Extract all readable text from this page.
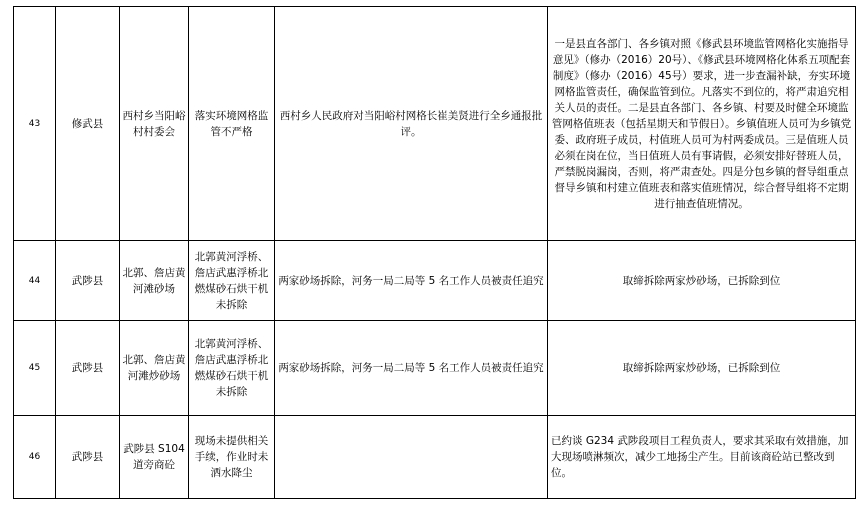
43	修武县	西村乡当阳峪村村委会	落实环境网格监管不严格	西村乡人民政府对当阳峪村网格长崔美贤进行全乡通报批评。	一是县直各部门、各乡镇对照《修武县环境监管网格化实施指导意见》（修办（2016）20号）、《修武县环境网格化体系五项配套制度》（修办（2016）45号）要求，进一步查漏补缺，夯实环境网格监管责任，确保监管到位。凡落实不到位的，将严肃追究相关人员的责任。二是县直各部门、各乡镇、村要及时健全环境监管网格值班表（包括星期天和节假日）。乡镇值班人员可为乡镇党委、政府班子成员，村值班人员可为村两委成员。三是值班人员必须在岗在位，当日值班人员有事请假，必须安排好替班人员，严禁脱岗漏岗，否则，将严肃查处。四是分包乡镇的督导组重点督导乡镇和村建立值班表和落实值班情况，综合督导组将不定期进行抽查值班情况。
44	武陟县	北郭、詹店黄河滩砂场	北郭黄河浮桥、詹店武惠浮桥北燃煤砂石烘干机未拆除	两家砂场拆除，河务一局二局等 5 名工作人员被责任追究	取缔拆除两家炒砂场，已拆除到位
45	武陟县	北郭、詹店黄河滩炒砂场	北郭黄河浮桥、詹店武惠浮桥北燃煤砂石烘干机未拆除	两家砂场拆除，河务一局二局等 5 名工作人员被责任追究	取缔拆除两家炒砂场，已拆除到位
46	武陟县	武陟县 S104 道旁商砼	现场未提供相关手续，作业时未洒水降尘		已约谈 G234 武陟段项目工程负责人，要求其采取有效措施，加大现场喷淋频次，减少工地扬尘产生。目前该商砼站已整改到位。
